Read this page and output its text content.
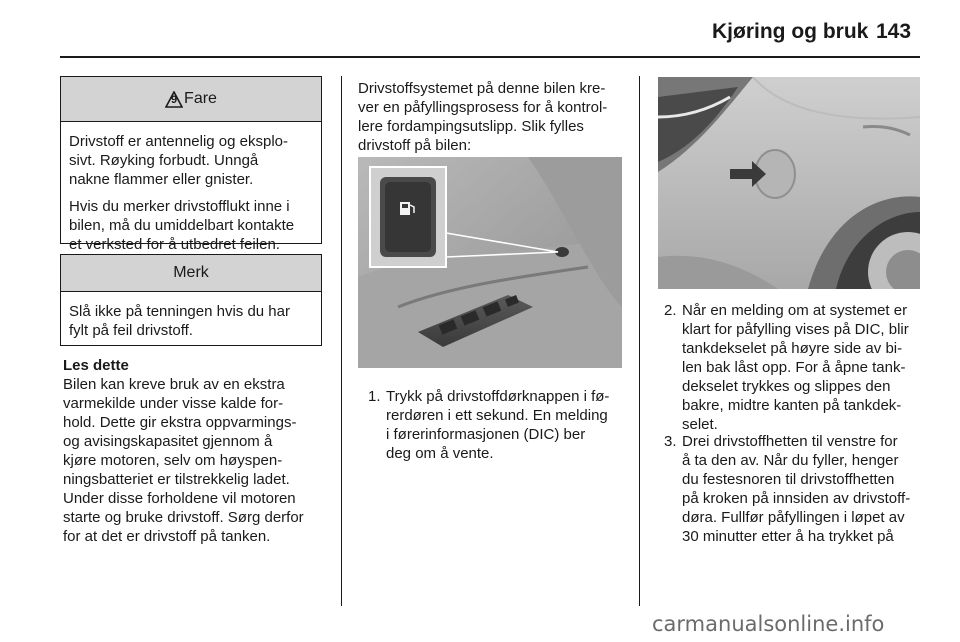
Kjøring og bruk 143
9 Fare

Drivstoff er antennelig og eksplo-
sivt. Røyking forbudt. Unngå
nakne flammer eller gnister.

Hvis du merker drivstofflukt inne i
bilen, må du umiddelbart kontakte
et verksted for å utbedret feilen.

Merk

Slå ikke på tenningen hvis du har
fylt på feil drivstoff.

Les dette

Bilen kan kreve bruk av en ekstra
varmekilde under visse kalde for-
hold. Dette gir ekstra oppvarmings-
og avisingskapasitet gjennom å
kjøre motoren, selv om høyspen-
ningsbatteriet er tilstrekkelig ladet.
Under disse forholdene vil motoren
starte og bruke drivstoff. Sørg derfor
for at det er drivstoff på tanken.

Drivstoffsystemet på denne bilen kre-
ver en påfyllingsprosess for å kontrol-
lere fordampingsutslipp. Slik fylles
drivstoff på bilen:
1. Trykk på drivstoffdørknappen i fø-
rerdøren i ett sekund. En melding
i førerinformasjonen (DIC) ber
deg om å vente.
2. Når en melding om at systemet er
klart for påfylling vises på DIC, blir
tankdekselet på høyre side av bi-
len bak låst opp. For å åpne tank-
dekselet trykkes og slippes den
bakre, midtre kanten på tankdek-
selet.
3. Drei drivstoffhetten til venstre for
å ta den av. Når du fyller, henger
du festesnoren til drivstoffhetten
på kroken på innsiden av drivstoff-
døra. Fullfør påfyllingen i løpet av
30 minutter etter å ha trykket på
carmanualsonline.info
